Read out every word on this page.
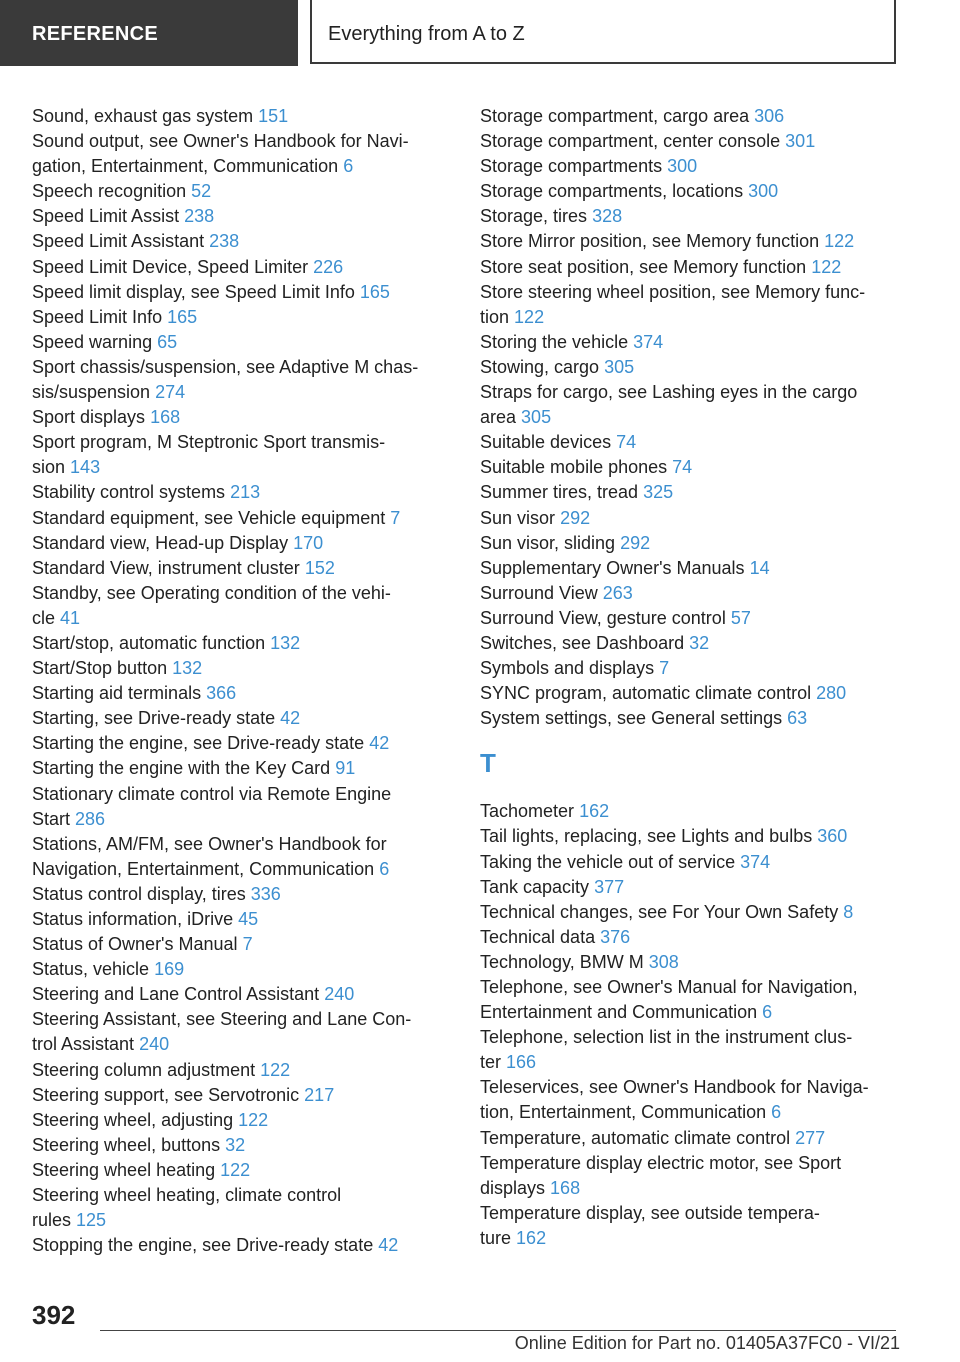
REFERENCE	Everything from A to Z
Sound, exhaust gas system 151
Sound output, see Owner's Handbook for Navi-
gation, Entertainment, Communication 6
Speech recognition 52
Speed Limit Assist 238
Speed Limit Assistant 238
Speed Limit Device, Speed Limiter 226
Speed limit display, see Speed Limit Info 165
Speed Limit Info 165
Speed warning 65
Sport chassis/suspension, see Adaptive M chas-
sis/suspension 274
Sport displays 168
Sport program, M Steptronic Sport transmis-
sion 143
Stability control systems 213
Standard equipment, see Vehicle equipment 7
Standard view, Head-up Display 170
Standard View, instrument cluster 152
Standby, see Operating condition of the vehi-
cle 41
Start/stop, automatic function 132
Start/Stop button 132
Starting aid terminals 366
Starting, see Drive-ready state 42
Starting the engine, see Drive-ready state 42
Starting the engine with the Key Card 91
Stationary climate control via Remote Engine
Start 286
Stations, AM/FM, see Owner's Handbook for
Navigation, Entertainment, Communication 6
Status control display, tires 336
Status information, iDrive 45
Status of Owner's Manual 7
Status, vehicle 169
Steering and Lane Control Assistant 240
Steering Assistant, see Steering and Lane Con-
trol Assistant 240
Steering column adjustment 122
Steering support, see Servotronic 217
Steering wheel, adjusting 122
Steering wheel, buttons 32
Steering wheel heating 122
Steering wheel heating, climate control
rules 125
Stopping the engine, see Drive-ready state 42
Storage compartment, cargo area 306
Storage compartment, center console 301
Storage compartments 300
Storage compartments, locations 300
Storage, tires 328
Store Mirror position, see Memory function 122
Store seat position, see Memory function 122
Store steering wheel position, see Memory func-
tion 122
Storing the vehicle 374
Stowing, cargo 305
Straps for cargo, see Lashing eyes in the cargo
area 305
Suitable devices 74
Suitable mobile phones 74
Summer tires, tread 325
Sun visor 292
Sun visor, sliding 292
Supplementary Owner's Manuals 14
Surround View 263
Surround View, gesture control 57
Switches, see Dashboard 32
Symbols and displays 7
SYNC program, automatic climate control 280
System settings, see General settings 63
T
Tachometer 162
Tail lights, replacing, see Lights and bulbs 360
Taking the vehicle out of service 374
Tank capacity 377
Technical changes, see For Your Own Safety 8
Technical data 376
Technology, BMW M 308
Telephone, see Owner's Manual for Navigation,
Entertainment and Communication 6
Telephone, selection list in the instrument clus-
ter 166
Teleservices, see Owner's Handbook for Naviga-
tion, Entertainment, Communication 6
Temperature, automatic climate control 277
Temperature display electric motor, see Sport
displays 168
Temperature display, see outside tempera-
ture 162
392
Online Edition for Part no. 01405A37FC0 - VI/21
